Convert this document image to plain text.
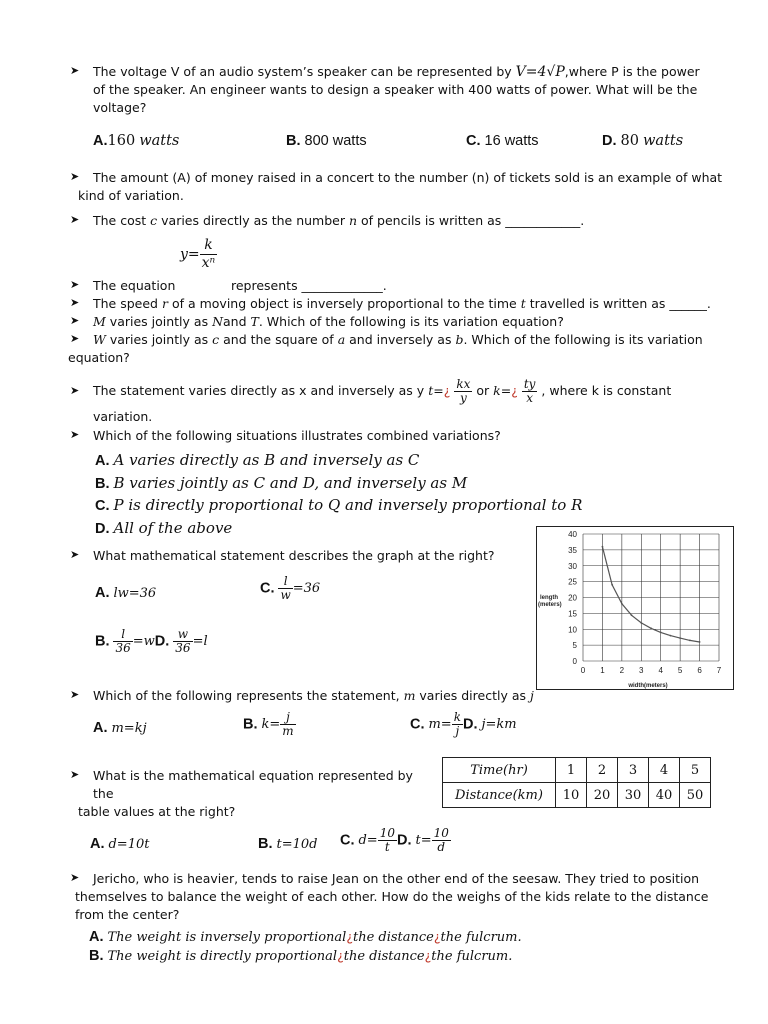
➤ The voltage V of an audio system’s speaker can be represented by V=4√P,where P is the power
of the speaker. An engineer wants to design a speaker with 400 watts of power. What will be the
voltage?
A.160 watts	B. 800 watts	C. 16 watts	D. 80 watts
➤ The amount (A) of money raised in a concert to the number (n) of tickets sold is an example of what
kind of variation.
➤ The cost c varies directly as the number n of pencils is written as ____________.
$y= \frac{k}{\text{xⁿ}}$
➤ The equation	represents _____________.
➤ The speed r of a moving object is inversely proportional to the time t travelled is written as ______.
➤ M varies jointly as Nand T. Which of the following is its variation equation?
➤ W varies jointly as c and the square of a and inversely as b. Which of the following is its variation
equation?
➤ The statement varies directly as x and inversely as y t=¿ $\frac{kx}{y}$ or k=¿ $\frac{ty}{x}$ , where k is constant
variation.
➤ Which of the following situations illustrates combined variations?
A. A varies directly as B and inversely as C
B. B varies jointly as C and D, and inversely as M
C. P is directly proportional to Q and inversely proportional to R
D. All of the above
➤ What mathematical statement describes the graph at the right?
A. lw=36	C. $\frac{l}{w} =36$
B. $\frac{l}{36} =wD$. $\frac{w}{36} =l$
0
5
10
15
20
25
30
35
40
0 1 2 3 4 5 6 7
length (meters)
width(meters)
➤ Which of the following represents the statement, m varies directly as j
A. m=kj	B. $k= \frac{j}{m}$	C. $m= \frac{k}{j} D$. j=km
➤ What is the mathematical equation represented by
the
table values at the right?
Time(hr)	1	2	3	4	5
Distance(km)	10	20	30	40	50
A. d=10t	B. t=10d C. $d= \frac{10}{t} D$. $t= \frac{10}{d}$
➤ Jericho, who is heavier, tends to raise Jean on the other end of the seesaw. They tried to position
themselves to balance the weight of each other. How do the weighs of the kids relate to the distance
from the center?
A. The weight is inversely proportional¿the distance¿the fulcrum.
B. The weight is directly proportional¿the distance¿the fulcrum.
